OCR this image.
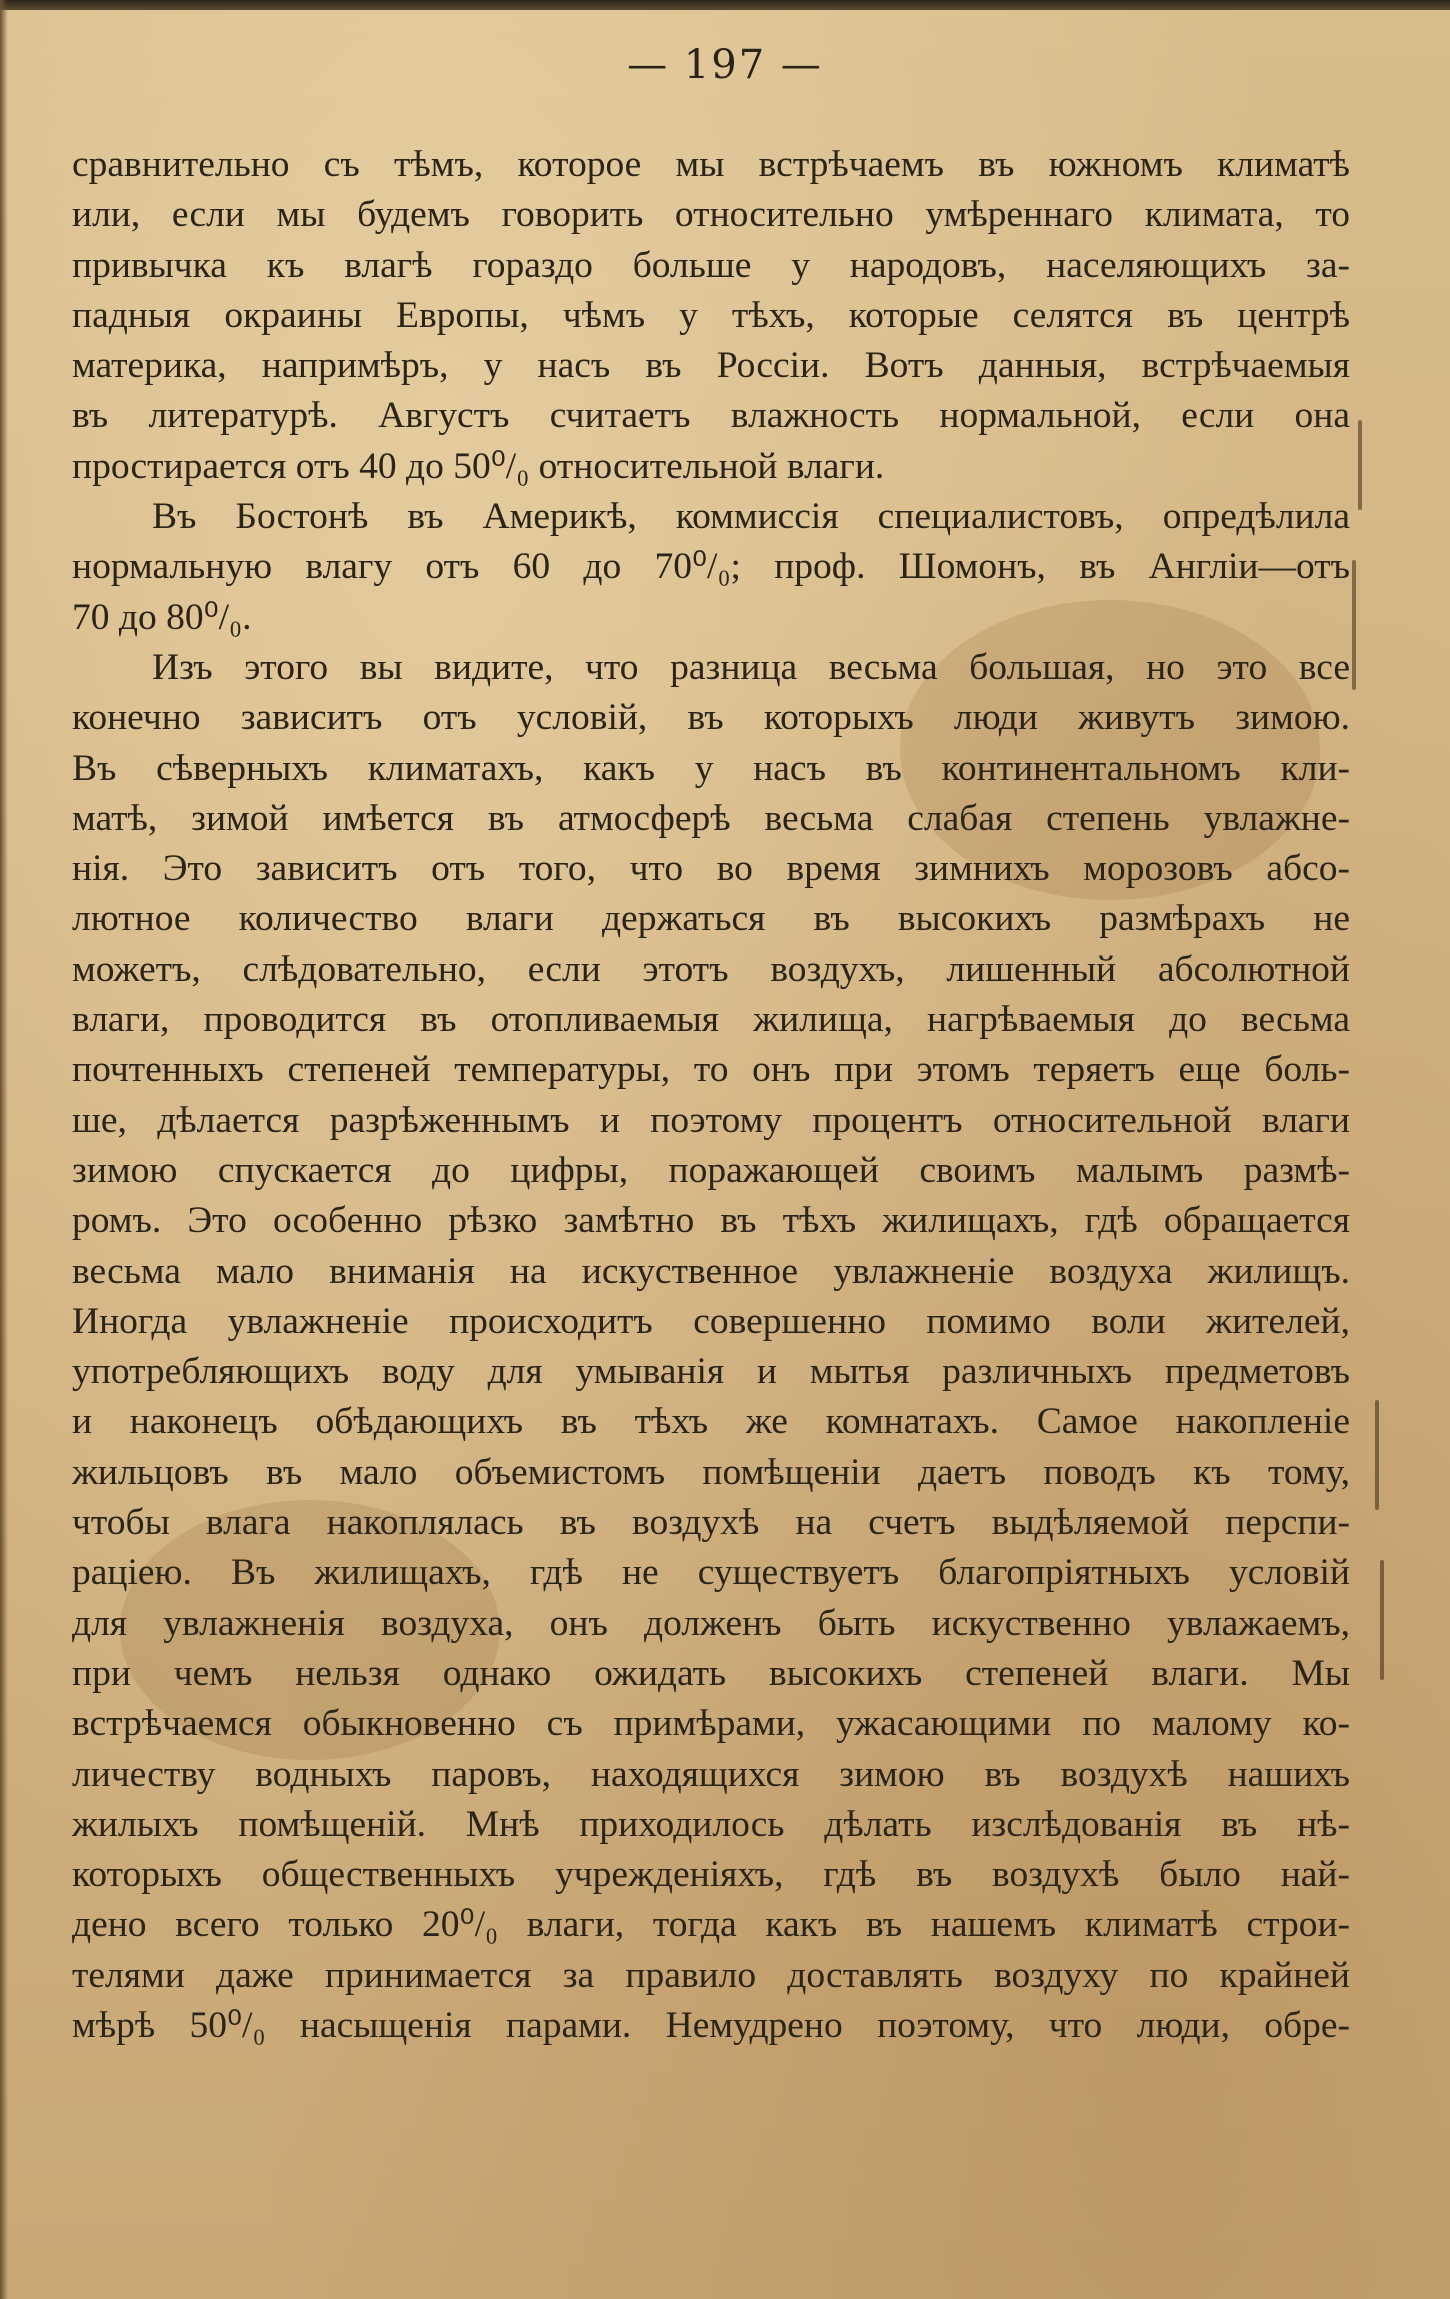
— 197 —
сравнительно съ тѣмъ, которое мы встрѣчаемъ въ южномъ климатѣ
или, если мы будемъ говорить относительно умѣреннаго климата, то
привычка къ влагѣ гораздо больше у народовъ, населяющихъ за-
падныя окраины Европы, чѣмъ у тѣхъ, которые селятся въ центрѣ
материка, напримѣръ, у насъ въ Россiи. Вотъ данныя, встрѣчаемыя
въ литературѣ. Августъ считаетъ влажность нормальной, если она
простирается отъ 40 до 50⁰/₀ относительной влаги.
Въ Бостонѣ въ Америкѣ, коммиссiя специалистовъ, опредѣлила
нормальную влагу отъ 60 до 70⁰/₀; проф. Шомонъ, въ Англiи—отъ
70 до 80⁰/₀.
Изъ этого вы видите, что разница весьма большая, но это все
конечно зависитъ отъ условiй, въ которыхъ люди живутъ зимою.
Въ сѣверныхъ климатахъ, какъ у насъ въ континентальномъ кли-
матѣ, зимой имѣется въ атмосферѣ весьма слабая степень увлажне-
нiя. Это зависитъ отъ того, что во время зимнихъ морозовъ абсо-
лютное количество влаги держаться въ высокихъ размѣрахъ не
можетъ, слѣдовательно, если этотъ воздухъ, лишенный абсолютной
влаги, проводится въ отопливаемыя жилища, нагрѣваемыя до весьма
почтенныхъ степеней температуры, то онъ при этомъ теряетъ еще боль-
ше, дѣлается разрѣженнымъ и поэтому процентъ относительной влаги
зимою спускается до цифры, поражающей своимъ малымъ размѣ-
ромъ. Это особенно рѣзко замѣтно въ тѣхъ жилищахъ, гдѣ обращается
весьма мало вниманiя на искуственное увлажненiе воздуха жилищъ.
Иногда увлажненiе происходитъ совершенно помимо воли жителей,
употребляющихъ воду для умыванiя и мытья различныхъ предметовъ
и наконецъ обѣдающихъ въ тѣхъ же комнатахъ. Самое накопленiе
жильцовъ въ мало объемистомъ помѣщенiи даетъ поводъ къ тому,
чтобы влага накоплялась въ воздухѣ на счетъ выдѣляемой перспи-
рацiею. Въ жилищахъ, гдѣ не существуетъ благопрiятныхъ условiй
для увлажненiя воздуха, онъ долженъ быть искуственно увлажаемъ,
при чемъ нельзя однако ожидать высокихъ степеней влаги. Мы
встрѣчаемся обыкновенно съ примѣрами, ужасающими по малому ко-
личеству водныхъ паровъ, находящихся зимою въ воздухѣ нашихъ
жилыхъ помѣщенiй. Мнѣ приходилось дѣлать изслѣдованiя въ нѣ-
которыхъ общественныхъ учрежденiяхъ, гдѣ въ воздухѣ было най-
дено всего только 20⁰/₀ влаги, тогда какъ въ нашемъ климатѣ строи-
телями даже принимается за правило доставлять воздуху по крайней
мѣрѣ 50⁰/₀ насыщенiя парами. Немудрено поэтому, что люди, обре-
